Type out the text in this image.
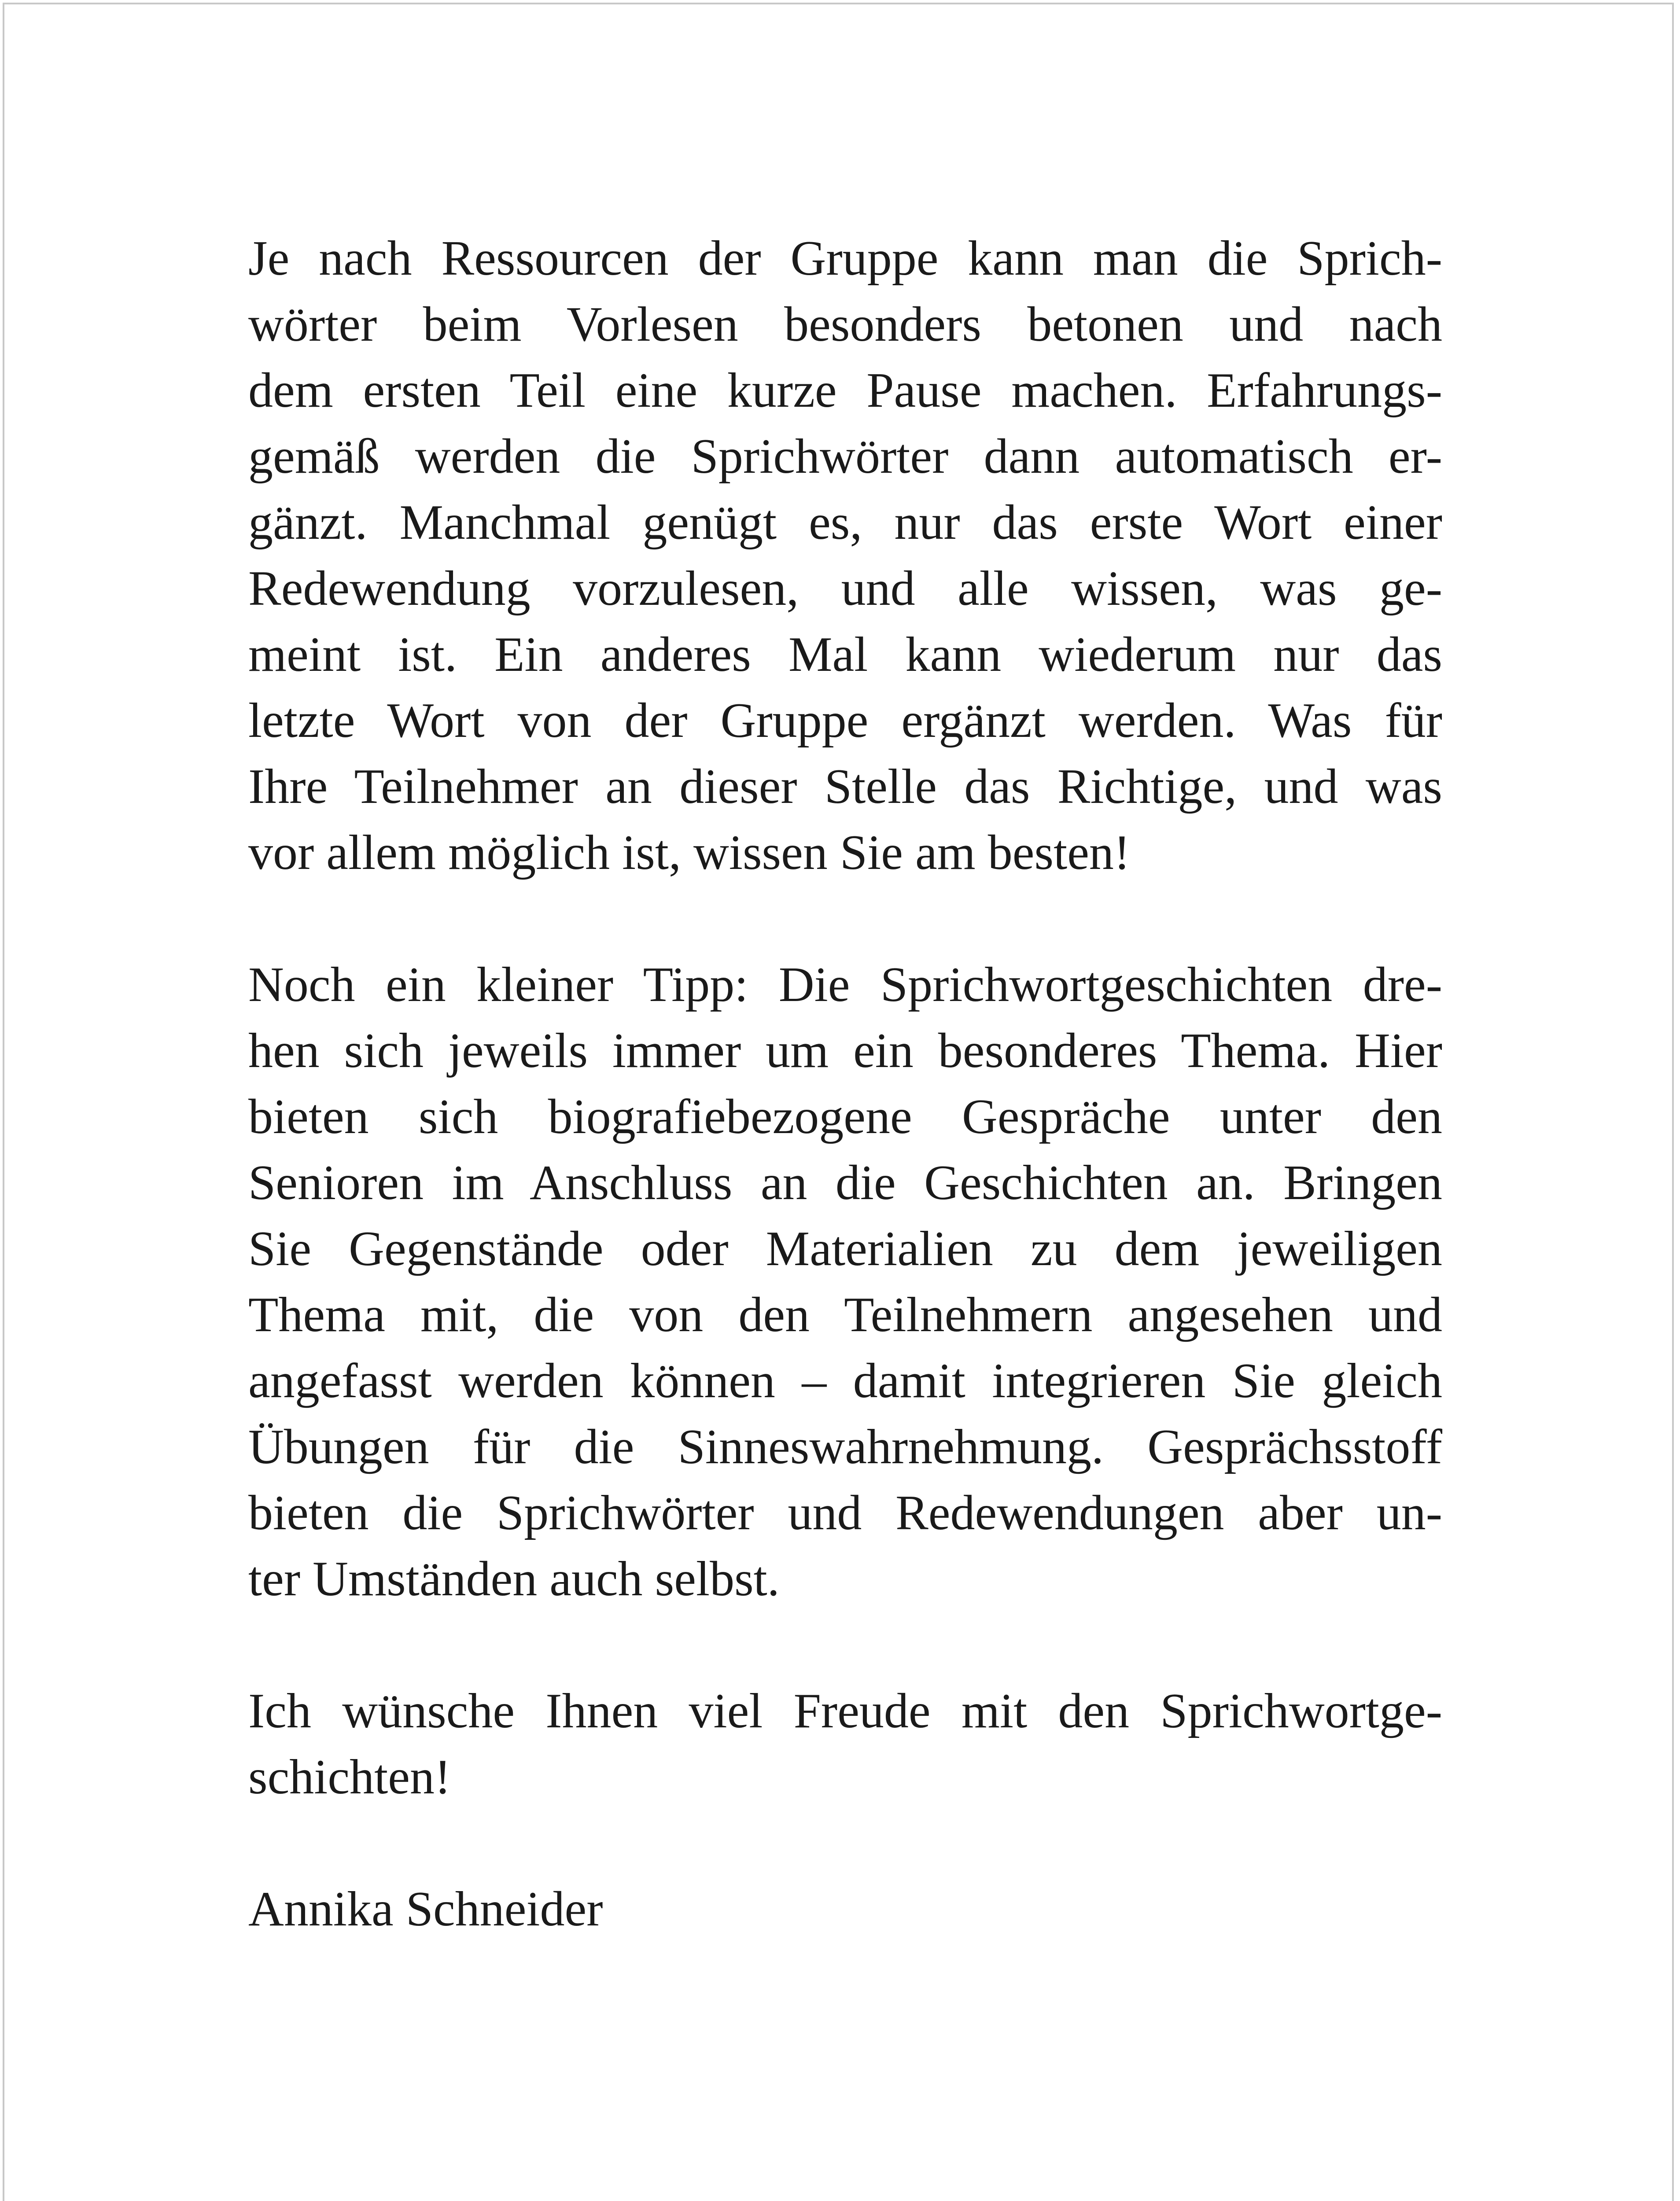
Je nach Ressourcen der Gruppe kann man die Sprich-
wörter beim Vorlesen besonders betonen und nach
dem ersten Teil eine kurze Pause machen. Erfahrungs-
gemäß werden die Sprichwörter dann automatisch er-
gänzt. Manchmal genügt es, nur das erste Wort einer
Redewendung vorzulesen, und alle wissen, was ge-
meint ist. Ein anderes Mal kann wiederum nur das
letzte Wort von der Gruppe ergänzt werden. Was für
Ihre Teilnehmer an dieser Stelle das Richtige, und was
vor allem möglich ist, wissen Sie am besten!
Noch ein kleiner Tipp: Die Sprichwortgeschichten dre-
hen sich jeweils immer um ein besonderes Thema. Hier
bieten sich biografiebezogene Gespräche unter den
Senioren im Anschluss an die Geschichten an. Bringen
Sie Gegenstände oder Materialien zu dem jeweiligen
Thema mit, die von den Teilnehmern angesehen und
angefasst werden können – damit integrieren Sie gleich
Übungen für die Sinneswahrnehmung. Gesprächsstoff
bieten die Sprichwörter und Redewendungen aber un-
ter Umständen auch selbst.
Ich wünsche Ihnen viel Freude mit den Sprichwortge-
schichten!
Annika Schneider
